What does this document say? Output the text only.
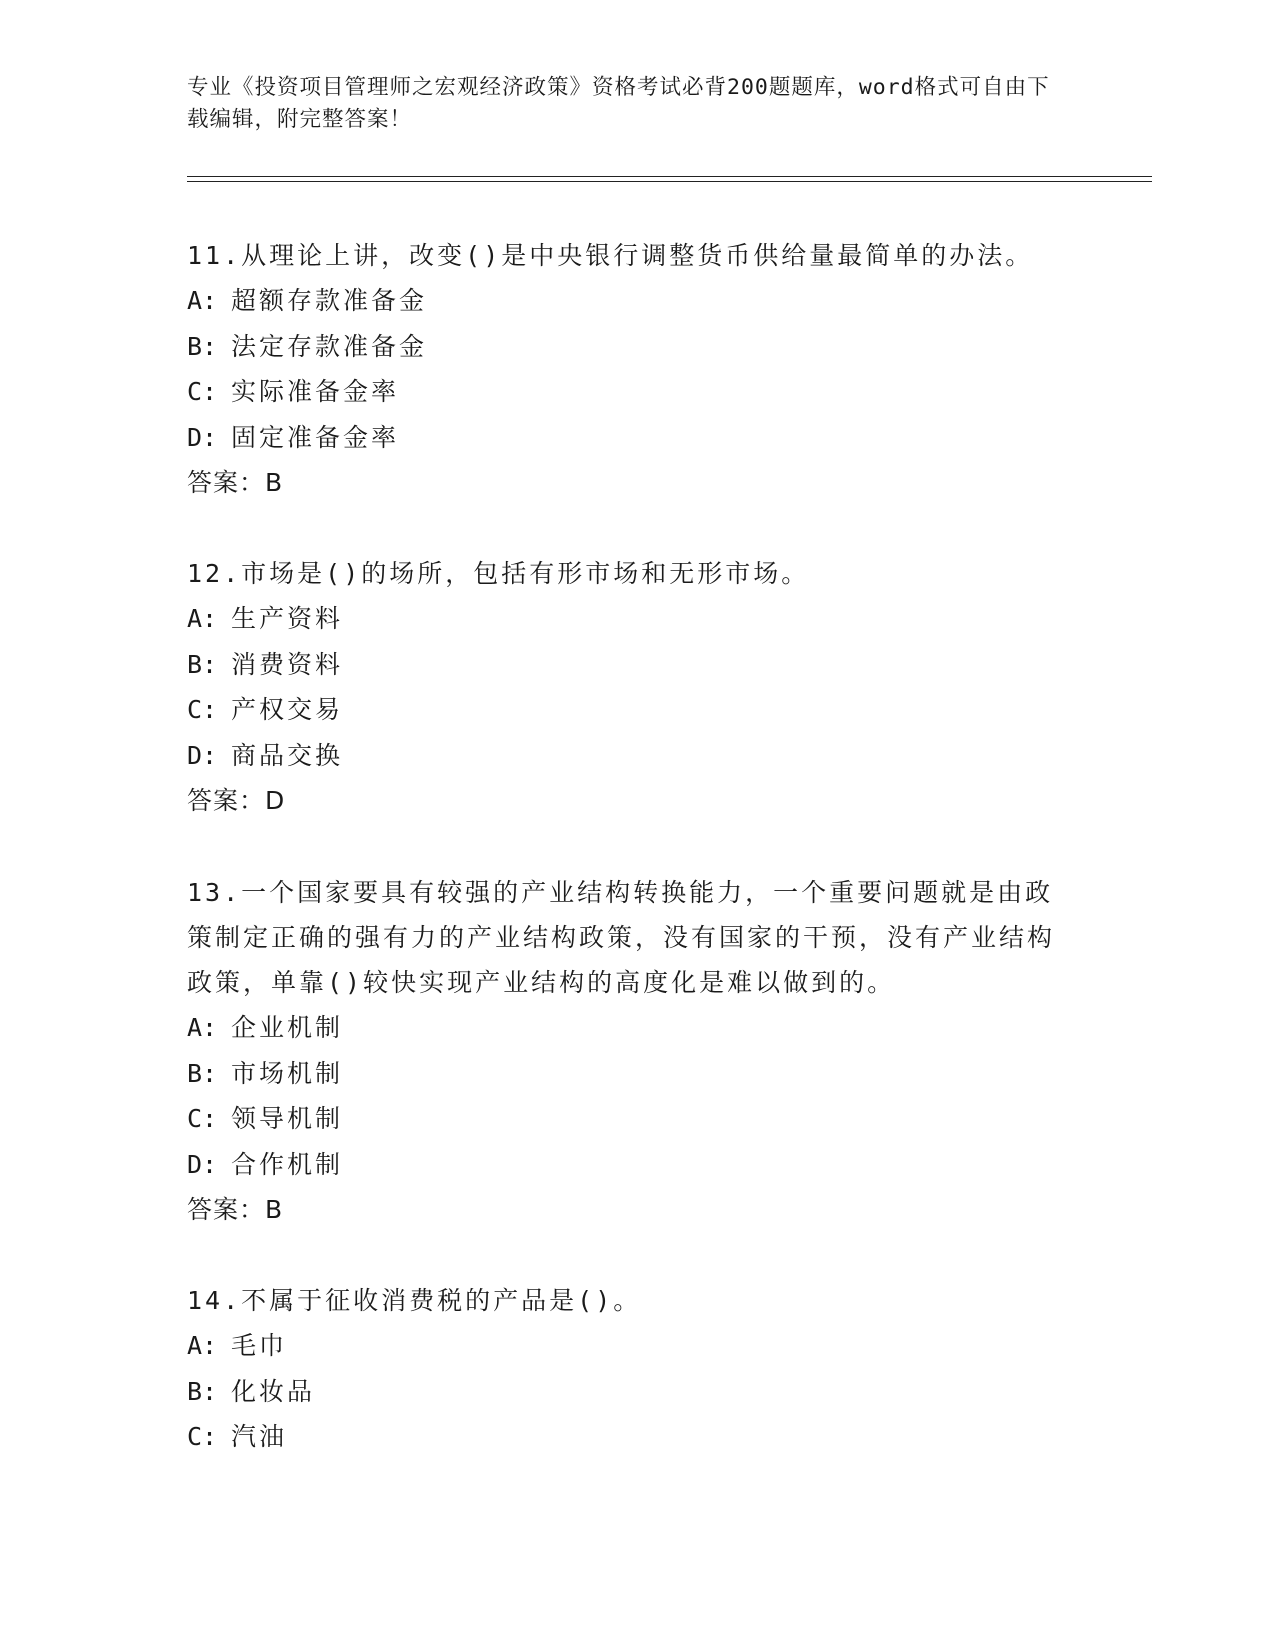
专业《投资项目管理师之宏观经济政策》资格考试必背200题题库，word格式可自由下载编辑，附完整答案！
11.从理论上讲，改变()是中央银行调整货币供给量最简单的办法。
A: 超额存款准备金
B: 法定存款准备金
C: 实际准备金率
D: 固定准备金率
答案：B
12.市场是()的场所，包括有形市场和无形市场。
A: 生产资料
B: 消费资料
C: 产权交易
D: 商品交换
答案：D
13.一个国家要具有较强的产业结构转换能力，一个重要问题就是由政策制定正确的强有力的产业结构政策，没有国家的干预，没有产业结构政策，单靠()较快实现产业结构的高度化是难以做到的。
A: 企业机制
B: 市场机制
C: 领导机制
D: 合作机制
答案：B
14.不属于征收消费税的产品是()。
A: 毛巾
B: 化妆品
C: 汽油
